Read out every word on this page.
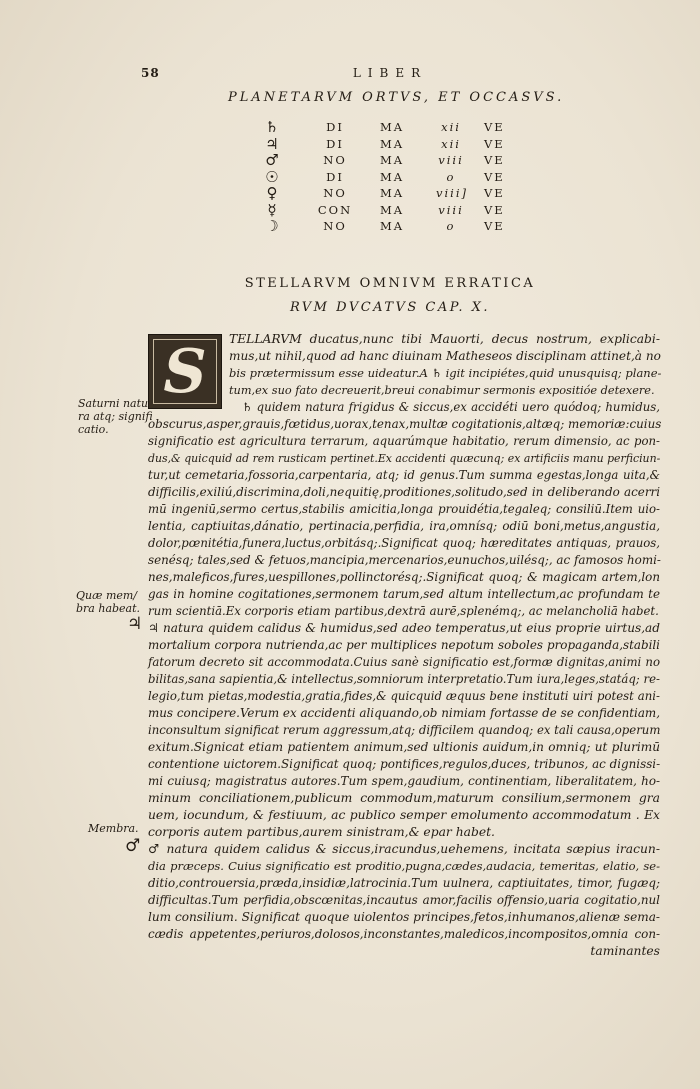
58	LIBER
PLANETARVM ORTVS, ET OCCASVS.
♄	DI	MA	xii	VE
♃	DI	MA	xii	VE
♂	NO	MA	viii VE
☉	DI	MA	o	VE
♀	NO	MA	viii] VE
☿	CON	MA	viii VE
☽	NO	MA	o	VE
STELLARVM OMNIVM ERRATICA
RVM DVCATVS CAP. X.
S	TELLARVM ducatus,nunc tibi Mauorti, decus nostrum, explicabi-
mus,ut nihil,quod ad hanc diuinam Matheseos disciplinam attinet,à no
bis prætermissum esse uideatur.A ♄ igit incipiétes,quid unusquisq; plane-
tum,ex suo fato decreuerit,breui conabimur sermonis expositióe detexere.
♄ quidem natura frigidus & siccus,ex accidéti uero quódoq; humidus,
obscurus,asper,grauis,fœtidus,uorax,tenax,multæ cogitationis,altæq; memoriæ:cuius
significatio est agricultura terrarum, aquarúmque habitatio, rerum dimensio, ac pon-
dus,& quicquid ad rem rusticam pertinet.Ex accidenti quæcunq; ex artificiis manu perficiun-
tur,ut cemetaria,fossoria,carpentaria, atq; id genus.Tum summa egestas,longa uita,&
difficilis,exiliú,discrimina,doli,nequitię,proditiones,solitudo,sed in deliberando acerri
mū ingeniū,sermo certus,stabilis amicitia,longa prouidétia,tegaleq; consiliū.Item uio-
lentia, captiuitas,dánatio, pertinacia,perfidia, ira,omnísq; odiū boni,metus,angustia,
dolor,pœnitétia,funera,luctus,orbitásq;.Significat quoq; hæreditates antiquas, prauos,
senésq; tales,sed & fetuos,mancipia,mercenarios,eunuchos,uilésq;, ac famosos homi-
nes,maleficos,fures,uespillones,pollinctorésq;.Significat quoq; & magicam artem,lon
gas in homine cogitationes,sermonem tarum,sed altum intellectum,ac profundam te
rum scientiā.Ex corporis etiam partibus,dextrā aurē,splenémq;, ac melancholiā habet.
♃ natura quidem calidus & humidus,sed adeo temperatus,ut eius proprie uirtus,ad
mortalium corpora nutrienda,ac per multiplices nepotum soboles propaganda,stabili
fatorum decreto sit accommodata.Cuius sanè significatio est,formæ dignitas,animi no
bilitas,sana sapientia,& intellectus,somniorum interpretatio.Tum iura,leges,statáq; re-
legio,tum pietas,modestia,gratia,fides,& quicquid æquus bene instituti uiri potest ani-
mus concipere.Verum ex accidenti aliquando,ob nimiam fortasse de se confidentiam,
inconsultum significat rerum aggressum,atq; difficilem quandoq; ex tali causa,operum
exitum.Signicat etiam patientem animum,sed ultionis auidum,in omniq; ut plurimū
contentione uictorem.Significat quoq; pontifices,regulos,duces, tribunos, ac dignissi-
mi cuiusq; magistratus autores.Tum spem,gaudium, continentiam, liberalitatem, ho-
minum conciliationem,publicum commodum,maturum consilium,sermonem gra
uem, iocundum, & festiuum, ac publico semper emolumento accommodatum . Ex
corporis autem partibus,aurem sinistram,& epar habet.
♂ natura quidem calidus & siccus,iracundus,uehemens, incitata sæpius iracun-
dia præceps. Cuius significatio est proditio,pugna,cædes,audacia, temeritas, elatio, se-
ditio,controuersia,præda,insidiæ,latrocinia.Tum uulnera, captiuitates, timor, fugæq;
difficultas.Tum perfidia,obscœnitas,incautus amor,facilis offensio,uaria cogitatio,nul
lum consilium. Significat quoque uiolentos principes,fetos,inhumanos,alienæ sema-
cædis appetentes,periuros,dolosos,inconstantes,maledicos,incompositos,omnia con-
taminantes
Saturni natu
ra atq; signifi
catio.
Quæ mem/
bra habeat.
♃
Membra.
♂
